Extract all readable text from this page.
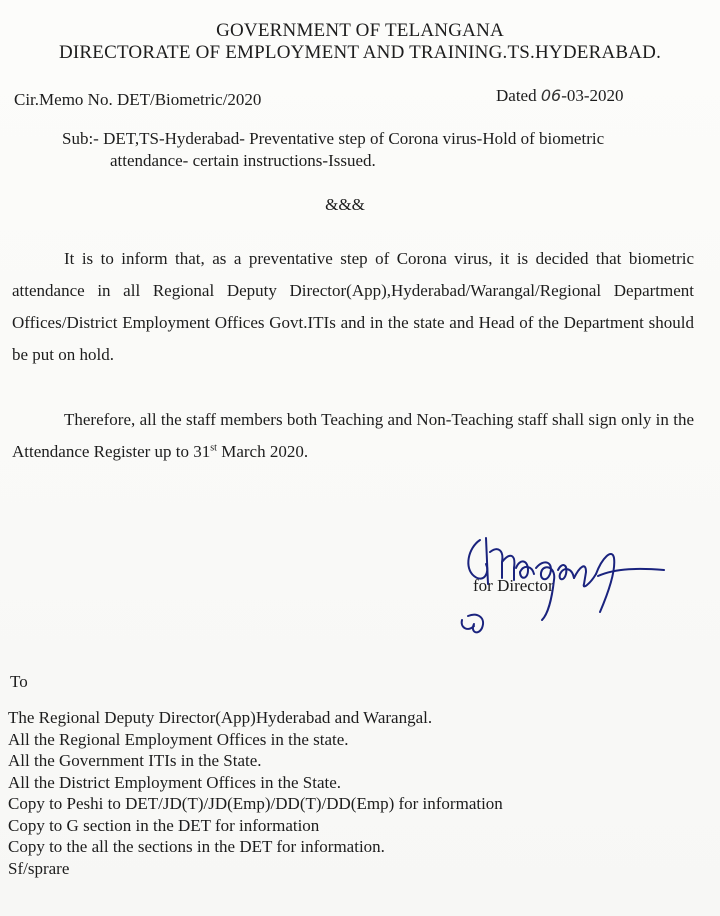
GOVERNMENT OF TELANGANA
DIRECTORATE OF EMPLOYMENT AND TRAINING.TS.HYDERABAD.
Cir.Memo No. DET/Biometric/2020	Dated 06-03-2020
Sub:- DET,TS-Hyderabad- Preventative step of Corona virus-Hold of biometric
attendance- certain instructions-Issued.
&&&
It is to inform that, as a preventative step of Corona virus, it is decided that biometric attendance in all Regional Deputy Director(App),Hyderabad/Warangal/Regional Department Offices/District Employment Offices Govt.ITIs and in the state and Head of the Department should be put on hold.
Therefore, all the staff members both Teaching and Non-Teaching staff shall sign only in the Attendance Register up to 31st March 2020.
for Director
To
The Regional Deputy Director(App)Hyderabad and Warangal.
All the Regional Employment Offices in the state.
All the Government ITIs in the State.
All the District Employment Offices in the State.
Copy to Peshi to DET/JD(T)/JD(Emp)/DD(T)/DD(Emp) for information
Copy to G section in the DET for information
Copy to the all the sections in the DET for information.
Sf/sprare
